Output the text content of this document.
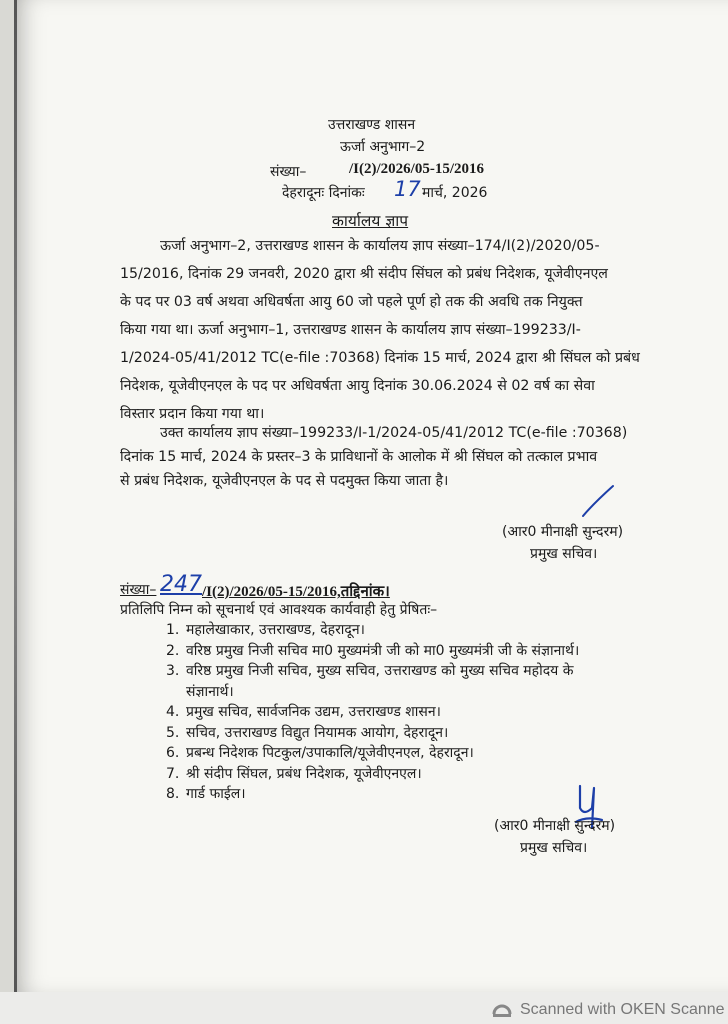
उत्तराखण्ड शासन
ऊर्जा अनुभाग–2
संख्या–	/I(2)/2026/05-15/2016
देहरादूनः दिनांकः 17 मार्च, 2026
कार्यालय ज्ञाप
ऊर्जा अनुभाग–2, उत्तराखण्ड शासन के कार्यालय ज्ञाप संख्या–174/I(2)/2020/05-
15/2016, दिनांक 29 जनवरी, 2020 द्वारा श्री संदीप सिंघल को प्रबंध निदेशक, यूजेवीएनएल
के पद पर 03 वर्ष अथवा अधिवर्षता आयु 60 जो पहले पूर्ण हो तक की अवधि तक नियुक्त
किया गया था। ऊर्जा अनुभाग–1, उत्तराखण्ड शासन के कार्यालय ज्ञाप संख्या–199233/I-
1/2024-05/41/2012 TC(e-file :70368) दिनांक 15 मार्च, 2024 द्वारा श्री सिंघल को प्रबंध
निदेशक, यूजेवीएनएल के पद पर अधिवर्षता आयु दिनांक 30.06.2024 से 02 वर्ष का सेवा
विस्तार प्रदान किया गया था।
उक्त कार्यालय ज्ञाप संख्या–199233/I-1/2024-05/41/2012 TC(e-file :70368)
दिनांक 15 मार्च, 2024 के प्रस्तर–3 के प्राविधानों के आलोक में श्री सिंघल को तत्काल प्रभाव
से प्रबंध निदेशक, यूजेवीएनएल के पद से पदमुक्त किया जाता है।
(आर0 मीनाक्षी सुन्दरम)
प्रमुख सचिव।
संख्या– 247 /I(2)/2026/05-15/2016,तद्दिनांक।
प्रतिलिपि निम्न को सूचनार्थ एवं आवश्यक कार्यवाही हेतु प्रेषितः–
1. महालेखाकार, उत्तराखण्ड, देहरादून।
2. वरिष्ठ प्रमुख निजी सचिव मा0 मुख्यमंत्री जी को मा0 मुख्यमंत्री जी के संज्ञानार्थ।
3. वरिष्ठ प्रमुख निजी सचिव, मुख्य सचिव, उत्तराखण्ड को मुख्य सचिव महोदय के
संज्ञानार्थ।
4. प्रमुख सचिव, सार्वजनिक उद्यम, उत्तराखण्ड शासन।
5. सचिव, उत्तराखण्ड विद्युत नियामक आयोग, देहरादून।
6. प्रबन्ध निदेशक पिटकुल/उपाकालि/यूजेवीएनएल, देहरादून।
7. श्री संदीप सिंघल, प्रबंध निदेशक, यूजेवीएनएल।
8. गार्ड फाईल।
(आर0 मीनाक्षी सुन्दरम)
प्रमुख सचिव।
Scanned with OKEN Scanne
